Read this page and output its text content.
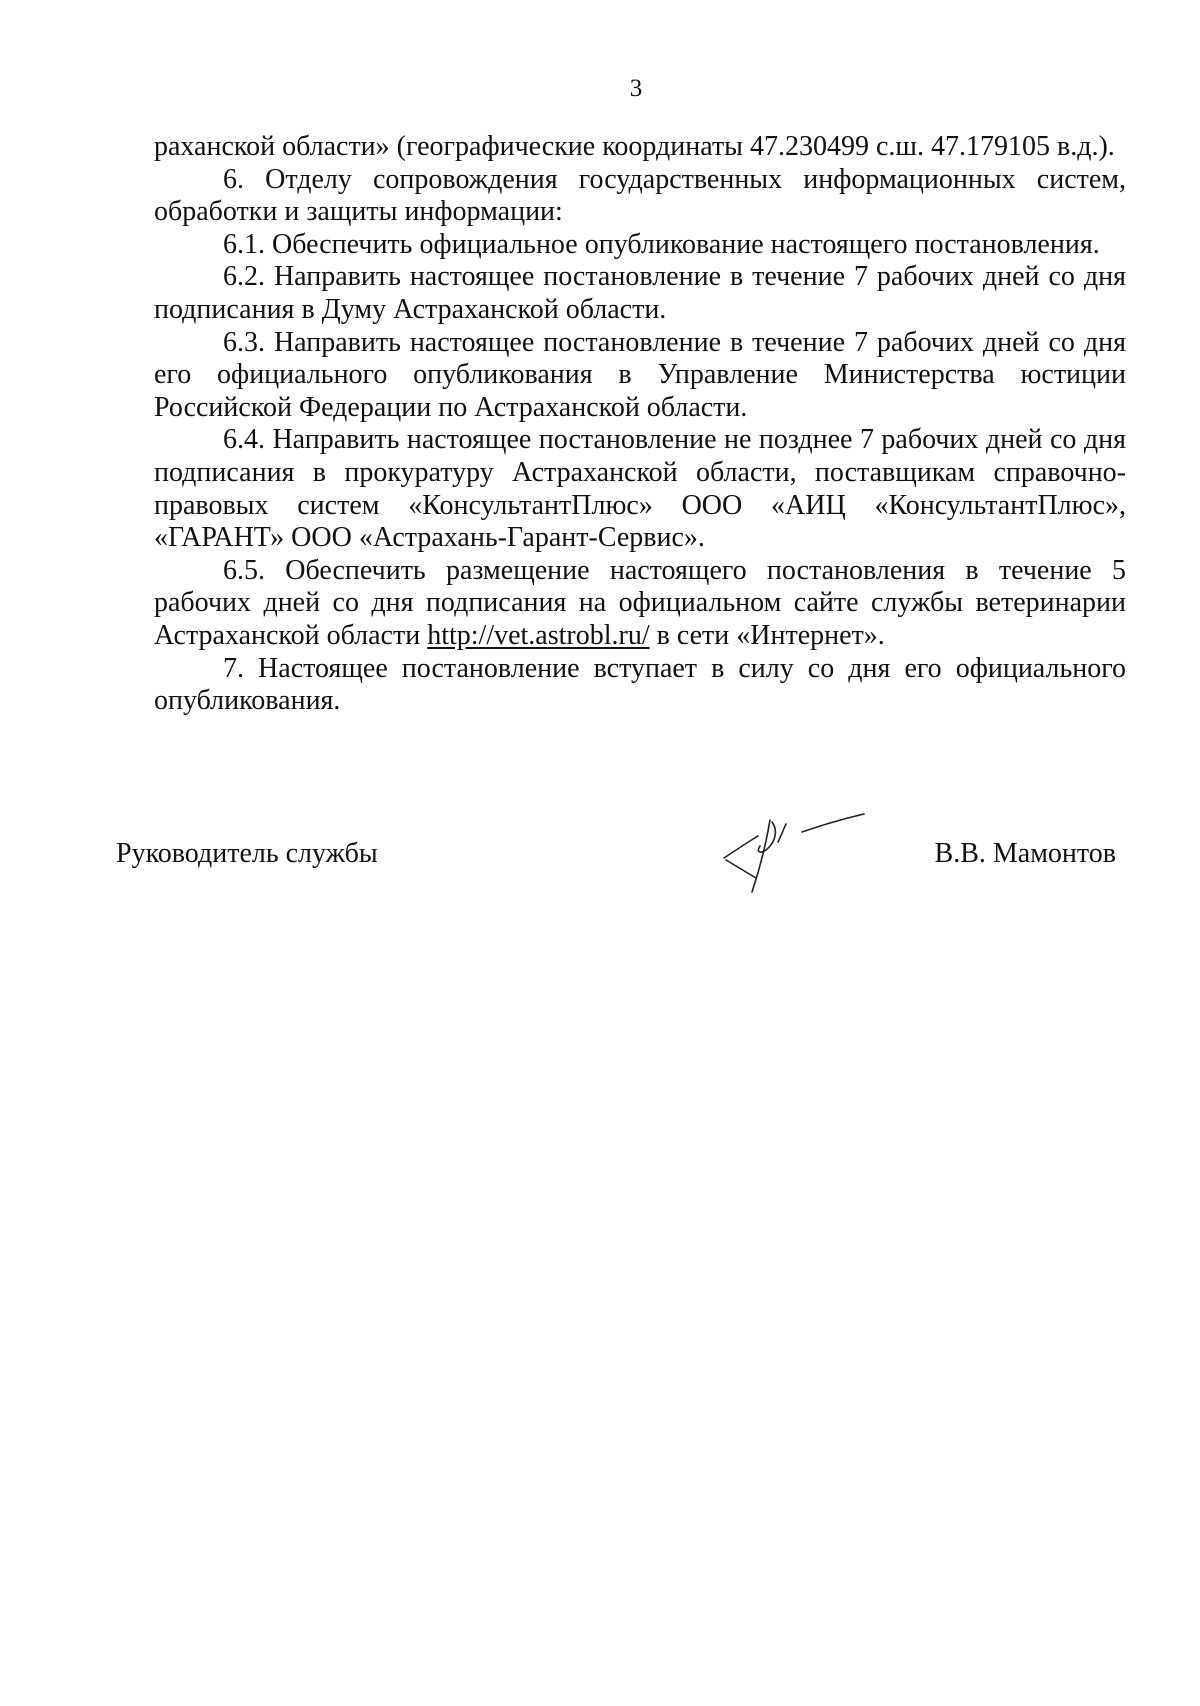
3

раханской области» (географические координаты 47.230499 с.ш. 47.179105 в.д.).

6. Отделу сопровождения государственных информационных систем, обработки и защиты информации:

6.1. Обеспечить официальное опубликование настоящего постановления.

6.2. Направить настоящее постановление в течение 7 рабочих дней со дня подписания в Думу Астраханской области.

6.3. Направить настоящее постановление в течение 7 рабочих дней со дня его официального опубликования в Управление Министерства юстиции Российской Федерации по Астраханской области.

6.4. Направить настоящее постановление не позднее 7 рабочих дней со дня подписания в прокуратуру Астраханской области, поставщикам справочно-правовых систем «КонсультантПлюс» ООО «АИЦ «КонсультантПлюс», «ГАРАНТ» ООО «Астрахань-Гарант-Сервис».

6.5. Обеспечить размещение настоящего постановления в течение 5 рабочих дней со дня подписания на официальном сайте службы ветеринарии Астраханской области http://vet.astrobl.ru/ в сети «Интернет».

7. Настоящее постановление вступает в силу со дня его официального опубликования.

Руководитель службы	В.В. Мамонтов
